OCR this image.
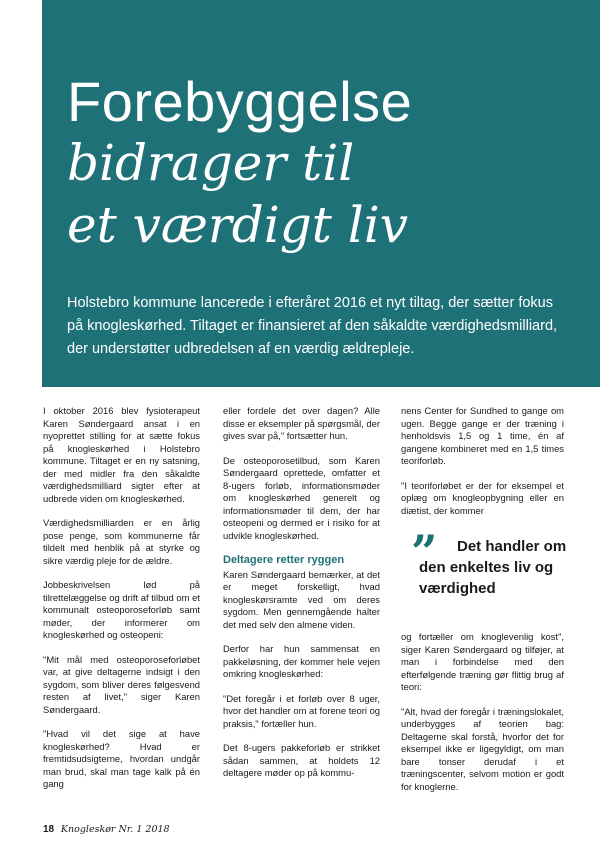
Forebyggelse
bidrager til
et værdigt liv
Holstebro kommune lancerede i efteråret 2016 et nyt tiltag, der sætter fokus på knogleskørhed. Tiltaget er finansieret af den såkaldte værdighedsmilliard, der understøtter udbredelsen af en værdig ældrepleje.

I oktober 2016 blev fysioterapeut Karen Søndergaard ansat i en nyoprettet stilling for at sætte fokus på knogleskørhed i Holstebro kommune. Tiltaget er en ny satsning, der med midler fra den såkaldte værdighedsmilliard sigter efter at udbrede viden om knogleskørhed.

Værdighedsmilliarden er en årlig pose penge, som kommunerne får tildelt med henblik på at styrke og sikre værdig pleje for de ældre.

Jobbeskrivelsen lød på tilrettelæggelse og drift af tilbud om et kommunalt osteoporoseforløb samt møder, der informerer om knogleskørhed og osteopeni:

"Mit mål med osteoporoseforløbet var, at give deltagerne indsigt i den sygdom, som bliver deres følgesvend resten af livet," siger Karen Søndergaard.

"Hvad vil det sige at have knogleskørhed? Hvad er fremtidsudsigterne, hvordan undgår man brud, skal man tage kalk på én gang

eller fordele det over dagen? Alle disse er eksempler på spørgsmål, der gives svar på," fortsætter hun.

De osteoporosetilbud, som Karen Søndergaard oprettede, omfatter et 8-ugers forløb, informationsmøder om knogleskørhed generelt og informationsmøder til dem, der har osteopeni og dermed er i risiko for at udvikle knogleskørhed.

Deltagere retter ryggen

Karen Søndergaard bemærker, at det er meget forskelligt, hvad knogleskørsramte ved om deres sygdom. Men gennemgående halter det med selv den almene viden.

Derfor har hun sammensat en pakkeløsning, der kommer hele vejen omkring knogleskørhed:

"Det foregår i et forløb over 8 uger, hvor det handler om at forene teori og praksis," fortæller hun.

Det 8-ugers pakkeforløb er strikket sådan sammen, at holdets 12 deltagere møder op på kommu-

nens Center for Sundhed to gange om ugen. Begge gange er der træning i henholdsvis 1,5 og 1 time, én af gangene kombineret med en 1,5 times teoriforløb.

"I teoriforløbet er der for eksempel et oplæg om knogleopbygning eller en diætist, der kommer

”	Det handler om den enkeltes liv og værdighed

og fortæller om knoglevenlig kost", siger Karen Søndergaard og tilføjer, at man i forbindelse med den efterfølgende træning gør flittig brug af teori:

"Alt, hvad der foregår i træningslokalet, underbygges af teorien bag: Deltagerne skal forstå, hvorfor det for eksempel ikke er ligegyldigt, om man bare tonser derudaf i et træningscenter, selvom motion er godt for knoglerne.

18 Knogleskør Nr. 1 2018
